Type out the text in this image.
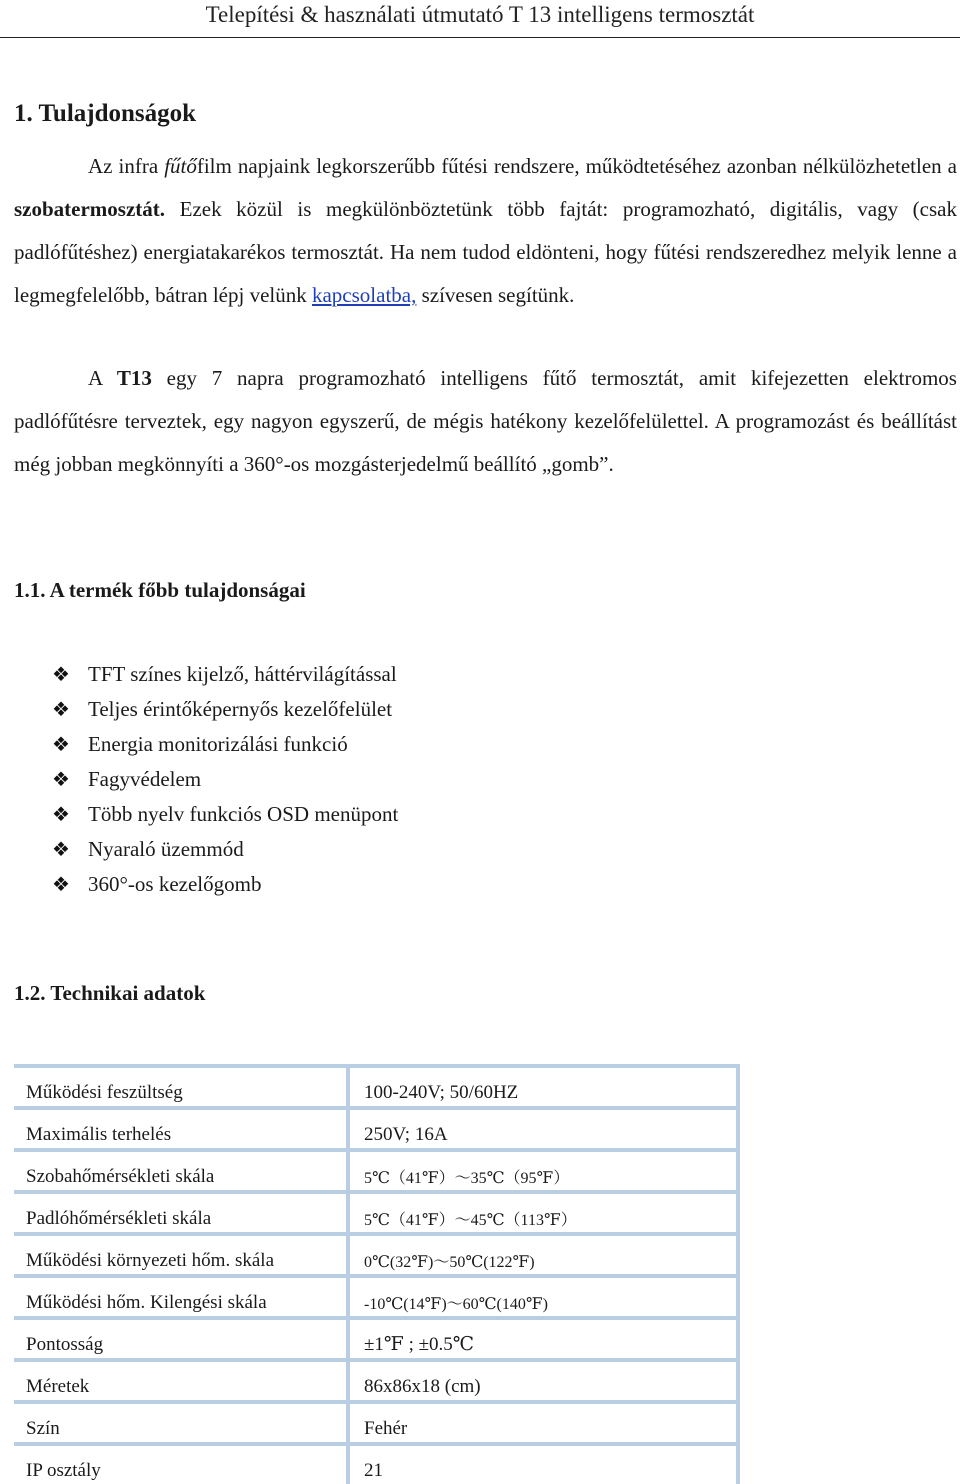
Telepítési & használati útmutató T 13 intelligens termosztát
1. Tulajdonságok

Az infra fűtőfilm napjaink legkorszerűbb fűtési rendszere, működtetéséhez azonban nélkülözhetetlen a szobatermosztát. Ezek közül is megkülönböztetünk több fajtát: programozható, digitális, vagy (csak padlófűtéshez) energiatakarékos termosztát. Ha nem tudod eldönteni, hogy fűtési rendszeredhez melyik lenne a legmegfelelőbb, bátran lépj velünk kapcsolatba, szívesen segítünk.

A T13 egy 7 napra programozható intelligens fűtő termosztát, amit kifejezetten elektromos padlófűtésre terveztek, egy nagyon egyszerű, de mégis hatékony kezelőfelülettel. A programozást és beállítást még jobban megkönnyíti a 360°-os mozgásterjedelmű beállító „gomb”.

1.1. A termék főbb tulajdonságai
❖ TFT színes kijelző, háttérvilágítással
❖ Teljes érintőképernyős kezelőfelület
❖ Energia monitorizálási funkció
❖ Fagyvédelem
❖ Több nyelv funkciós OSD menüpont
❖ Nyaraló üzemmód
❖ 360°-os kezelőgomb
1.2. Technikai adatok
Működési feszültség	100-240V; 50/60HZ
Maximális terhelés	250V; 16A
Szobahőmérsékleti skála	5℃（41℉）～35℃（95℉）
Padlóhőmérsékleti skála	5℃（41℉）～45℃（113℉）
Működési környezeti hőm. skála	0℃(32℉)～50℃(122℉)
Működési hőm. Kilengési skála	-10℃(14℉)～60℃(140℉)
Pontosság	±1℉ ; ±0.5℃
Méretek	86x86x18 (cm)
Szín	Fehér
IP osztály	21
